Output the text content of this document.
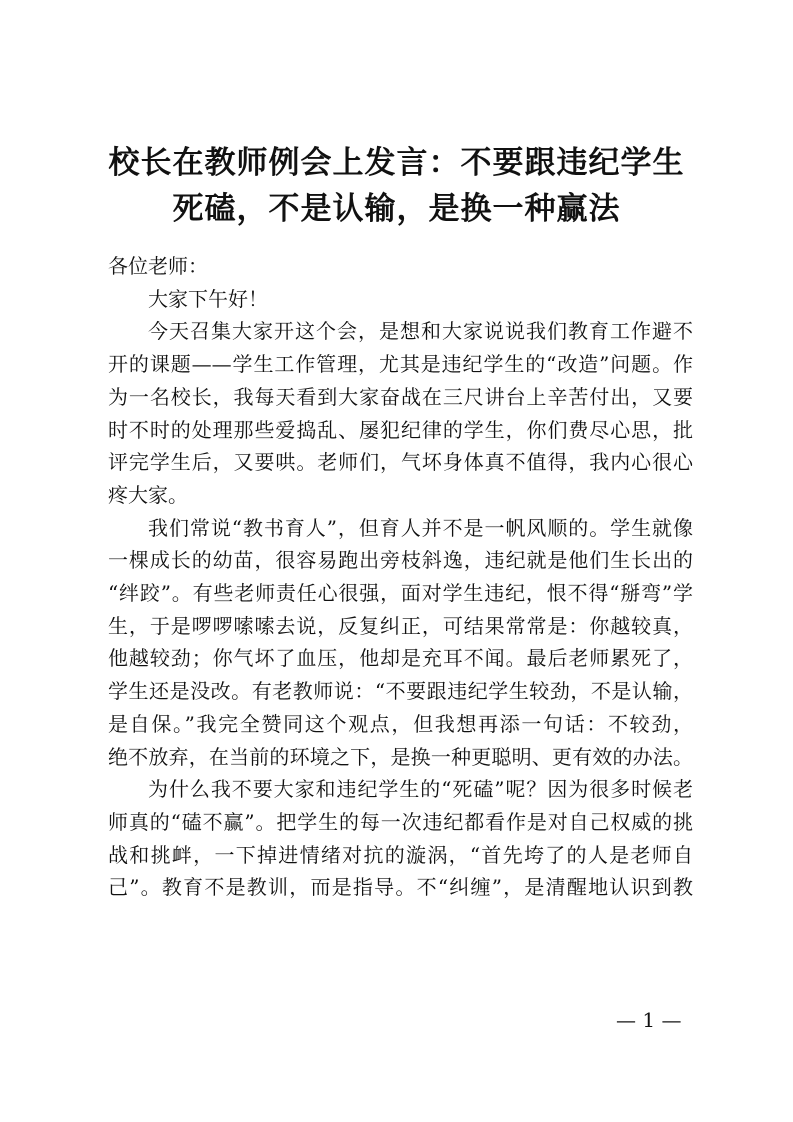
校长在教师例会上发言：不要跟违纪学生
死磕，不是认输，是换一种赢法
各位老师：
大家下午好！
今天召集大家开这个会，是想和大家说说我们教育工作避不
开的课题——学生工作管理，尤其是违纪学生的“改造”问题。作
为一名校长，我每天看到大家奋战在三尺讲台上辛苦付出，又要
时不时的处理那些爱捣乱、屡犯纪律的学生，你们费尽心思，批
评完学生后，又要哄。老师们，气坏身体真不值得，我内心很心
疼大家。
我们常说“教书育人”，但育人并不是一帆风顺的。学生就像
一棵成长的幼苗，很容易跑出旁枝斜逸，违纪就是他们生长出的
“绊跤”。有些老师责任心很强，面对学生违纪，恨不得“掰弯”学
生，于是啰啰嗦嗦去说，反复纠正，可结果常常是：你越较真，
他越较劲；你气坏了血压，他却是充耳不闻。最后老师累死了，
学生还是没改。有老教师说：“不要跟违纪学生较劲，不是认输，
是自保。”我完全赞同这个观点，但我想再添一句话：不较劲，
绝不放弃，在当前的环境之下，是换一种更聪明、更有效的办法。
为什么我不要大家和违纪学生的“死磕”呢？因为很多时候老
师真的“磕不赢”。把学生的每一次违纪都看作是对自己权威的挑
战和挑衅，一下掉进情绪对抗的漩涡，“首先垮了的人是老师自
己”。教育不是教训，而是指导。不“纠缠”，是清醒地认识到教
— 1 —
